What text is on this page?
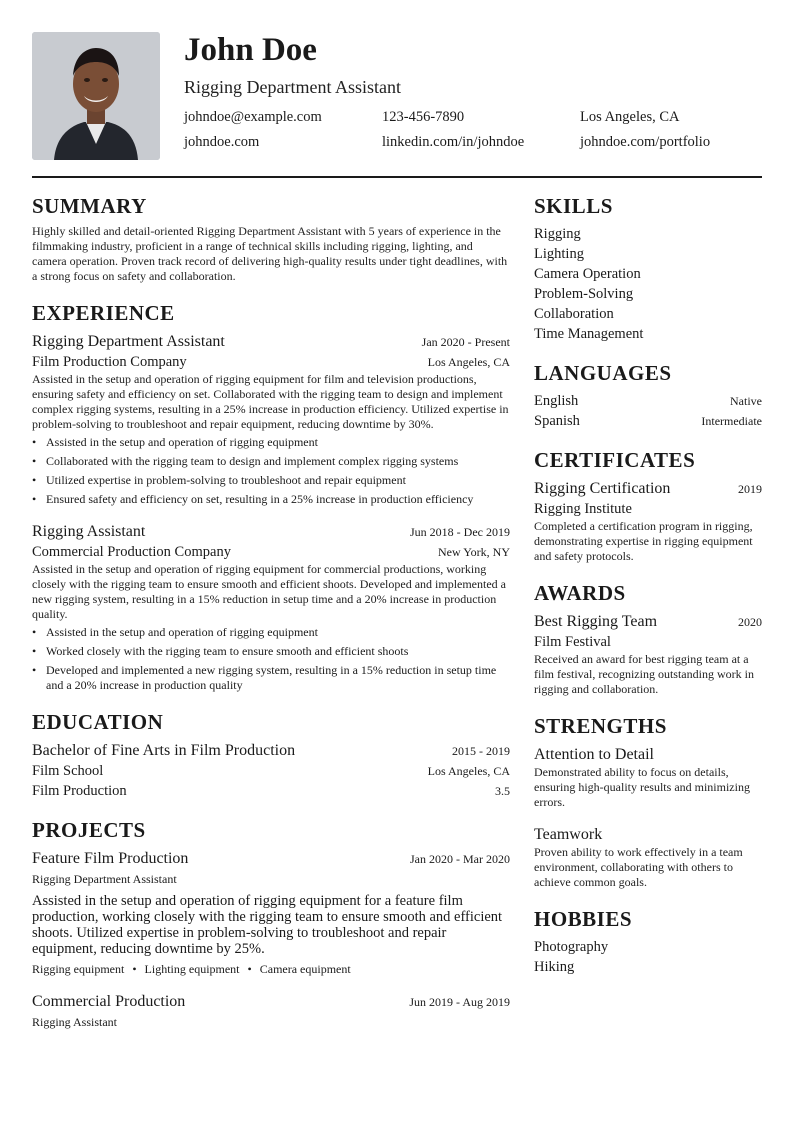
John Doe
Rigging Department Assistant
johndoe@example.com	123-456-7890	Los Angeles, CA
johndoe.com	linkedin.com/in/johndoe	johndoe.com/portfolio
SUMMARY
Highly skilled and detail-oriented Rigging Department Assistant with 5 years of experience in the filmmaking industry, proficient in a range of technical skills including rigging, lighting, and camera operation. Proven track record of delivering high-quality results under tight deadlines, with a strong focus on safety and collaboration.
EXPERIENCE
Rigging Department Assistant	Jan 2020 - Present
Film Production Company	Los Angeles, CA
Assisted in the setup and operation of rigging equipment for film and television productions, ensuring safety and efficiency on set. Collaborated with the rigging team to design and implement complex rigging systems, resulting in a 25% increase in production efficiency. Utilized expertise in problem-solving to troubleshoot and repair equipment, reducing downtime by 30%.
• Assisted in the setup and operation of rigging equipment
• Collaborated with the rigging team to design and implement complex rigging systems
• Utilized expertise in problem-solving to troubleshoot and repair equipment
• Ensured safety and efficiency on set, resulting in a 25% increase in production efficiency
Rigging Assistant	Jun 2018 - Dec 2019
Commercial Production Company	New York, NY
Assisted in the setup and operation of rigging equipment for commercial productions, working closely with the rigging team to ensure smooth and efficient shoots. Developed and implemented a new rigging system, resulting in a 15% reduction in setup time and a 20% increase in production quality.
• Assisted in the setup and operation of rigging equipment
• Worked closely with the rigging team to ensure smooth and efficient shoots
• Developed and implemented a new rigging system, resulting in a 15% reduction in setup time and a 20% increase in production quality
EDUCATION
Bachelor of Fine Arts in Film Production	2015 - 2019
Film School	Los Angeles, CA
Film Production	3.5
PROJECTS
Feature Film Production	Jan 2020 - Mar 2020
Rigging Department Assistant
Assisted in the setup and operation of rigging equipment for a feature film production, working closely with the rigging team to ensure smooth and efficient shoots. Utilized expertise in problem-solving to troubleshoot and repair equipment, reducing downtime by 25%.
Rigging equipment • Lighting equipment • Camera equipment
Commercial Production	Jun 2019 - Aug 2019
Rigging Assistant
SKILLS
Rigging
Lighting
Camera Operation
Problem-Solving
Collaboration
Time Management
LANGUAGES
English	Native
Spanish	Intermediate
CERTIFICATES
Rigging Certification	2019
Rigging Institute
Completed a certification program in rigging, demonstrating expertise in rigging equipment and safety protocols.
AWARDS
Best Rigging Team	2020
Film Festival
Received an award for best rigging team at a film festival, recognizing outstanding work in rigging and collaboration.
STRENGTHS
Attention to Detail
Demonstrated ability to focus on details, ensuring high-quality results and minimizing errors.
Teamwork
Proven ability to work effectively in a team environment, collaborating with others to achieve common goals.
HOBBIES
Photography
Hiking
